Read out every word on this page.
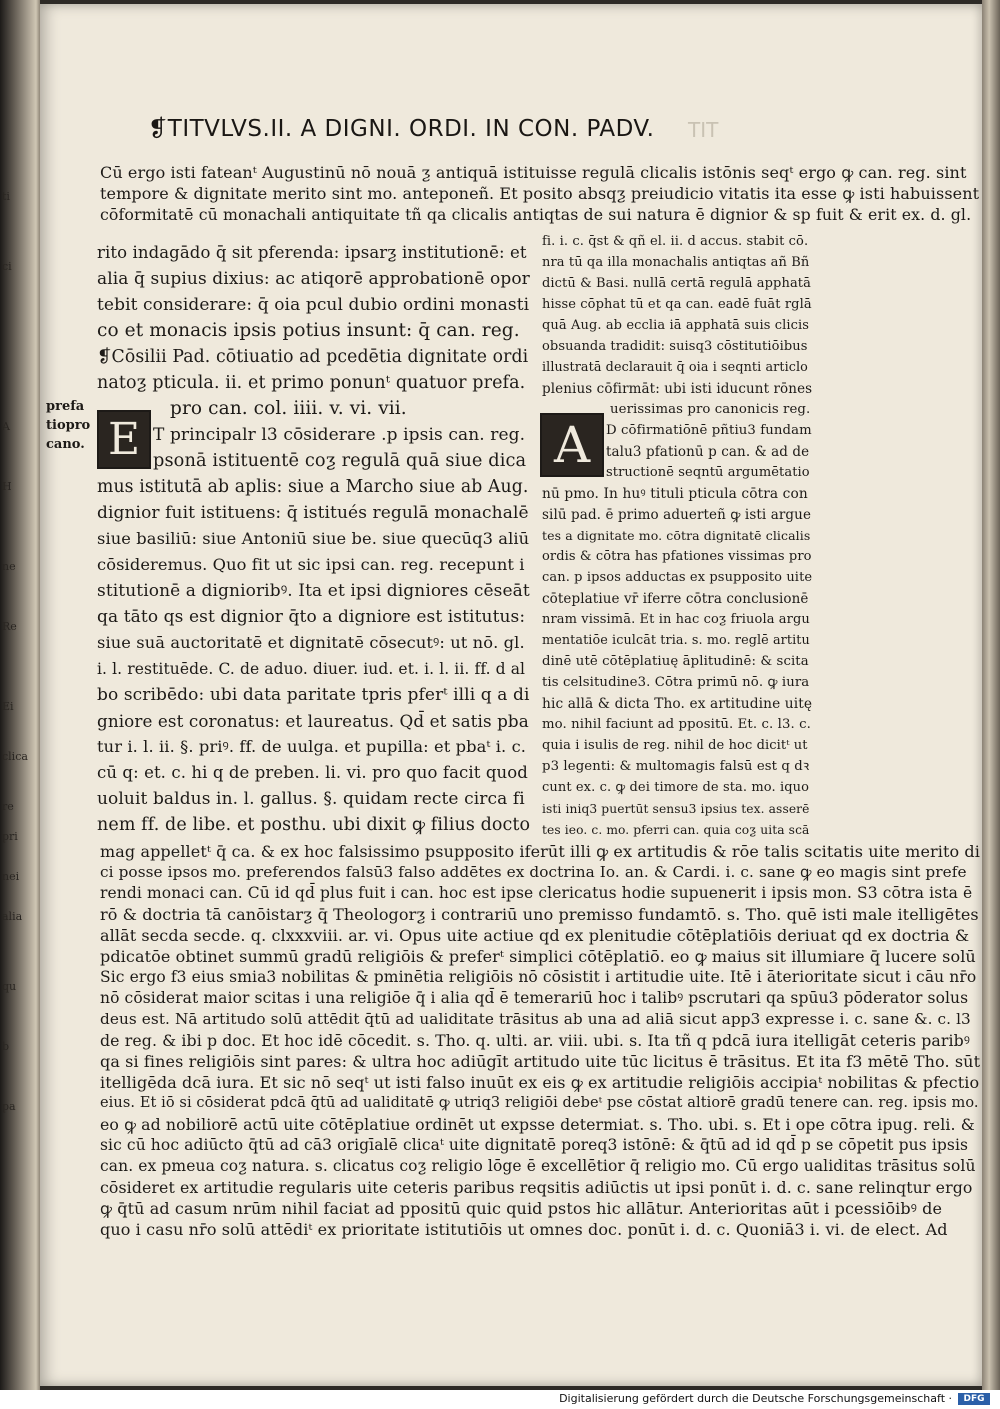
ti
ci
A
H
ne
Re
Ei
clica
re
pri
nei
alia
qu
b
pa
❡TITVLVS.II. A DIGNI. ORDI. IN CON. PADV. TIT
Cū ergo isti fateanᵗ Augustinū nō nouā ƺ antiquā istituisse regulā clicalis istōnis seqᵗ ergo ꝙ can. reg. sint
tempore & dignitate merito sint mo. anteponeñ. Et posito absqƺ preiudicio vitatis ita esse ꝙ isti habuissent
cōformitatē cū monachali antiquitate tñ qa clicalis antiqtas de sui natura ē dignior & sp fuit & erit ex. d. gl.
rito indagādo q̄ sit pferenda: ipsarƺ institutionē: et
alia q̄ supius dixius: ac atiqorē approbationē opor
tebit considerare: q̄ oia pcul dubio ordini monasti
co et monacis ipsis potius insunt: q̄ can. reg.
❡Cōsilii Pad. cōtiuatio ad pcedētia dignitate ordi
natoƺ pticula. ii. et primo ponunᵗ quatuor prefa.
pro can. col. iiii. v. vi. vii.
prefa
tiopro
cano. E T principalr l3 cōsiderare .p ipsis can. reg.
psonā istituentē coƺ regulā quā siue dica
mus istitutā ab aplis: siue a Marcho siue ab Aug.
dignior fuit istituens: q̄ istitués regulā monachalē
siue basiliū: siue Antoniū siue be. siue quecūq3 aliū
cōsideremus. Quo fit ut sic ipsi can. reg. recepunt i
stitutionē a dignioribꝰ. Ita et ipsi digniores cēseāt
qa tāto qs est dignior q̄to a digniore est istitutus:
siue suā auctoritatē et dignitatē cōsecutꝰ: ut nō. gl.
i. l. restituēde. C. de aduo. diuer. iud. et. i. l. ii. ff. d al
bo scribēdo: ubi data paritate tpris pferᵗ illi q a di
gniore est coronatus: et laureatus. Qd̄ et satis pba
tur i. l. ii. §. priꝰ. ff. de uulga. et pupilla: et pbaᵗ i. c.
cū q: et. c. hi q de preben. li. vi. pro quo facit quod
uoluit baldus in. l. gallus. §. quidam recte circa fi
nem ff. de libe. et posthu. ubi dixit ꝙ filius docto
fi. i. c. q̄st & qñ el. ii. d accus. stabit cō.
nra tū qa illa monachalis antiqtas añ Bñ
dictū & Basi. nullā certā regulā apphatā
hisse cōphat tū et qa can. eadē fuāt rglā
quā Aug. ab ecclia iā apphatā suis clicis
obsuanda tradidit: suisq3 cōstitutiōibus
illustratā declarauit q̄ oia i seqnti articlo
plenius cōfirmāt: ubi isti iducunt rōnes
uerissimas pro canonicis reg.
A	D cōfirmatiōnē pñtiu3 fundam
talu3 pfationū p can. & ad de
structionē seqntū argumētatio
nū pmo. In huꝰ tituli pticula cōtra con
silū pad. ē primo aduerteñ ꝙ isti argue
tes a dignitate mo. cōtra dignitatē clicalis
ordis & cōtra has pfationes vissimas pro
can. p ipsos adductas ex psupposito uite
cōteplatiue vr̄ iferre cōtra conclusionē
nram vissimā. Et in hac coƺ friuola argu
mentatiōe iculcāt tria. s. mo. reglē artitu
dinē utē cōtēplatiuę āplitudinē: & scita
tis celsitudine3. Cōtra primū nō. ꝙ iura
hic allā & dicta Tho. ex artitudine uitę
mo. nihil faciunt ad ppositū. Et. c. l3. c.
quia i isulis de reg. nihil de hoc dicitᵗ ut
p3 legenti: & multomagis falsū est q dꝛ
cunt ex. c. ꝙ dei timore de sta. mo. iquo
isti iniq3 puertūt sensu3 ipsius tex. asserē
tes ieo. c. mo. pferri can. quia coƺ uita scā
mag appelletᵗ q̄ ca. & ex hoc falsissimo psupposito iferūt illi ꝙ ex artitudis & rōe talis scitatis uite merito di
ci posse ipsos mo. preferendos falsū3 falso addētes ex doctrina Io. an. & Cardi. i. c. sane ꝙ eo magis sint prefe
rendi monaci can. Cū id qd̄ plus fuit i can. hoc est ipse clericatus hodie supuenerit i ipsis mon. S3 cōtra ista ē
rō & doctria tā canōistarƺ q̄ Theologorƺ i contrariū uno premisso fundamtō. s. Tho. quē isti male itelligētes
allāt secda secde. q. clxxxviii. ar. vi. Opus uite actiue qd ex plenitudie cōtēplatiōis deriuat qd ex doctria &
pdicatōe obtinet summū gradū religiōis & preferᵗ simplici cōtēplatiō. eo ꝙ maius sit illumiare q̄ lucere solū
Sic ergo f3 eius smia3 nobilitas & pminētia religiōis nō cōsistit i artitudie uite. Itē i āterioritate sicut i cāu nr̄o
nō cōsiderat maior scitas i una religiōe q̄ i alia qd̄ ē temerariū hoc i talibꝰ pscrutari qa spūu3 pōderator solus
deus est. Nā artitudo solū attēdit q̄tū ad ualiditate trāsitus ab una ad aliā sicut app3 expresse i. c. sane &. c. l3
de reg. & ibi p doc. Et hoc idē cōcedit. s. Tho. q. ulti. ar. viii. ubi. s. Ita tñ q pdcā iura itelligāt ceteris paribꝰ
qa si fines religiōis sint pares: & ultra hoc adiūgīt artitudo uite tūc licitus ē trāsitus. Et ita f3 mētē Tho. sūt
itelligēda dcā iura. Et sic nō seqᵗ ut isti falso inuūt ex eis ꝙ ex artitudie religiōis accipiaᵗ nobilitas & pfectio
eius. Et iō si cōsiderat pdcā q̄tū ad ualiditatē ꝙ utriq3 religiōi debeᵗ pse cōstat altiorē gradū tenere can. reg. ipsis mo.
eo ꝙ ad nobiliorē actū uite cōtēplatiue ordinēt ut expsse determiat. s. Tho. ubi. s. Et i ope cōtra ipug. reli. &
sic cū hoc adiūcto q̄tū ad cā3 origīalē clicaᵗ uite dignitatē poreq3 istōnē: & q̄tū ad id qd̄ p se cōpetit pus ipsis
can. ex pmeua coƺ natura. s. clicatus coƺ religio lōge ē excellētior q̄ religio mo. Cū ergo ualiditas trāsitus solū
cōsideret ex artitudie regularis uite ceteris paribus reqsitis adiūctis ut ipsi ponūt i. d. c. sane relinqtur ergo
ꝙ q̄tū ad casum nrūm nihil faciat ad ppositū quic quid pstos hic allātur. Anterioritas aūt i pcessiōibꝰ de
quo i casu nr̄o solū attēdiᵗ ex prioritate istitutiōis ut omnes doc. ponūt i. d. c. Quoniā3 i. vi. de elect. Ad
Digitalisierung gefördert durch die Deutsche Forschungsgemeinschaft ·	DFG
